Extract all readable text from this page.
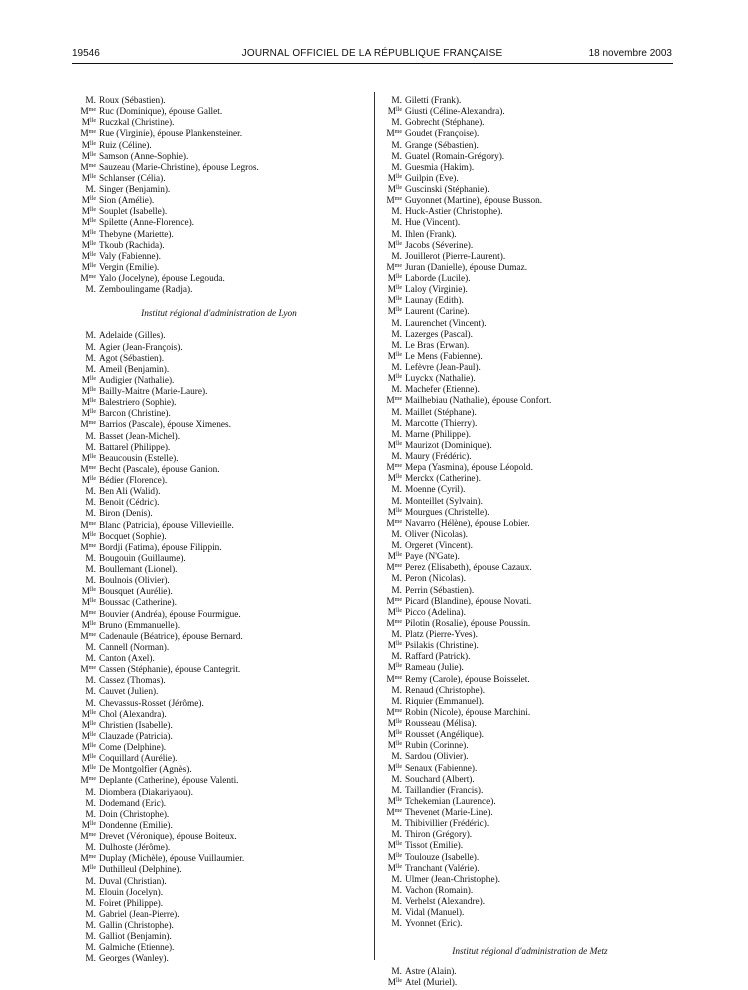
19546	JOURNAL OFFICIEL DE LA RÉPUBLIQUE FRANÇAISE	18 novembre 2003
M. Roux (Sébastien).
$M^{me}$ Ruc (Dominique), épouse Gallet.
$M^{lle}$ Ruczkal (Christine).
$M^{me}$ Rue (Virginie), épouse Plankensteiner.
$M^{lle}$ Ruiz (Céline).
$M^{lle}$ Samson (Anne-Sophie).
$M^{me}$ Sauzeau (Marie-Christine), épouse Legros.
$M^{lle}$ Schlanser (Célia).
M. Singer (Benjamin).
$M^{lle}$ Sion (Amélie).
$M^{lle}$ Souplet (Isabelle).
$M^{lle}$ Spilette (Anne-Florence).
$M^{lle}$ Thebyne (Mariette).
$M^{lle}$ Tkoub (Rachida).
$M^{lle}$ Valy (Fabienne).
$M^{lle}$ Vergin (Emilie).
$M^{me}$ Yalo (Jocelyne), épouse Legouda.
M. Zemboulingame (Radja).
Institut régional d'administration de Lyon
M. Adelaide (Gilles).
M. Agier (Jean-François).
M. Agot (Sébastien).
M. Ameil (Benjamin).
$M^{lle}$ Audigier (Nathalie).
$M^{lle}$ Bailly-Maitre (Marie-Laure).
$M^{lle}$ Balestriero (Sophie).
$M^{lle}$ Barcon (Christine).
$M^{me}$ Barrios (Pascale), épouse Ximenes.
M. Basset (Jean-Michel).
M. Battarel (Philippe).
$M^{lle}$ Beaucousin (Estelle).
$M^{me}$ Becht (Pascale), épouse Ganion.
$M^{lle}$ Bédier (Florence).
M. Ben Ali (Walid).
M. Benoit (Cédric).
M. Biron (Denis).
$M^{me}$ Blanc (Patricia), épouse Villevieille.
$M^{lle}$ Bocquet (Sophie).
$M^{me}$ Bordji (Fatima), épouse Filippin.
M. Bougouin (Guillaume).
M. Boullemant (Lionel).
M. Boulnois (Olivier).
$M^{lle}$ Bousquet (Aurélie).
$M^{lle}$ Boussac (Catherine).
$M^{me}$ Bouvier (Andréa), épouse Fourmigue.
$M^{lle}$ Bruno (Emmanuelle).
$M^{me}$ Cadenaule (Béatrice), épouse Bernard.
M. Cannell (Norman).
M. Canton (Axel).
$M^{me}$ Cassen (Stéphanie), épouse Cantegrit.
M. Cassez (Thomas).
M. Cauvet (Julien).
M. Chevassus-Rosset (Jérôme).
$M^{lle}$ Chol (Alexandra).
$M^{lle}$ Christien (Isabelle).
$M^{lle}$ Clauzade (Patricia).
$M^{lle}$ Come (Delphine).
$M^{lle}$ Coquillard (Aurélie).
$M^{lle}$ De Montgolfier (Agnès).
$M^{me}$ Deplante (Catherine), épouse Valenti.
M. Diombera (Diakariyaou).
M. Dodemand (Eric).
M. Doin (Christophe).
$M^{lle}$ Dondenne (Emilie).
$M^{me}$ Drevet (Véronique), épouse Boiteux.
M. Dulhoste (Jérôme).
$M^{me}$ Duplay (Michèle), épouse Vuillaumier.
$M^{lle}$ Duthilleul (Delphine).
M. Duval (Christian).
M. Elouin (Jocelyn).
M. Foiret (Philippe).
M. Gabriel (Jean-Pierre).
M. Gallin (Christophe).
M. Galliot (Benjamin).
M. Galmiche (Etienne).
M. Georges (Wanley).
M. Giletti (Frank).
$M^{lle}$ Giusti (Céline-Alexandra).
M. Gobrecht (Stéphane).
$M^{me}$ Goudet (Françoise).
M. Grange (Sébastien).
M. Guatel (Romain-Grégory).
M. Guesmia (Hakim).
$M^{lle}$ Guilpin (Eve).
$M^{lle}$ Guscinski (Stéphanie).
$M^{me}$ Guyonnet (Martine), épouse Busson.
M. Huck-Astier (Christophe).
M. Hue (Vincent).
M. Ihlen (Frank).
$M^{lle}$ Jacobs (Séverine).
M. Jouillerot (Pierre-Laurent).
$M^{me}$ Juran (Danielle), épouse Dumaz.
$M^{lle}$ Laborde (Lucile).
$M^{lle}$ Laloy (Virginie).
$M^{lle}$ Launay (Edith).
$M^{lle}$ Laurent (Carine).
M. Laurenchet (Vincent).
M. Lazerges (Pascal).
M. Le Bras (Erwan).
$M^{lle}$ Le Mens (Fabienne).
M. Lefèvre (Jean-Paul).
$M^{lle}$ Luyckx (Nathalie).
M. Machefer (Etienne).
$M^{me}$ Mailhebiau (Nathalie), épouse Confort.
M. Maillet (Stéphane).
M. Marcotte (Thierry).
M. Marne (Philippe).
$M^{lle}$ Maurizot (Dominique).
M. Maury (Frédéric).
$M^{me}$ Mepa (Yasmina), épouse Léopold.
$M^{lle}$ Merckx (Catherine).
M. Moenne (Cyril).
M. Monteillet (Sylvain).
$M^{lle}$ Mourgues (Christelle).
$M^{me}$ Navarro (Hélène), épouse Lobier.
M. Oliver (Nicolas).
M. Orgeret (Vincent).
$M^{lle}$ Paye (N'Gate).
$M^{me}$ Perez (Elisabeth), épouse Cazaux.
M. Peron (Nicolas).
M. Perrin (Sébastien).
$M^{me}$ Picard (Blandine), épouse Novati.
$M^{lle}$ Picco (Adelina).
$M^{me}$ Pilotin (Rosalie), épouse Poussin.
M. Platz (Pierre-Yves).
$M^{lle}$ Psilakis (Christine).
M. Raffard (Patrick).
$M^{lle}$ Rameau (Julie).
$M^{me}$ Remy (Carole), épouse Boisselet.
M. Renaud (Christophe).
M. Riquier (Emmanuel).
$M^{me}$ Robin (Nicole), épouse Marchini.
$M^{lle}$ Rousseau (Mélisa).
$M^{lle}$ Rousset (Angélique).
$M^{lle}$ Rubin (Corinne).
M. Sardou (Olivier).
$M^{lle}$ Senaux (Fabienne).
M. Souchard (Albert).
M. Taillandier (Francis).
$M^{lle}$ Tchekemian (Laurence).
$M^{me}$ Thevenet (Marie-Line).
M. Thibivillier (Frédéric).
M. Thiron (Grégory).
$M^{lle}$ Tissot (Emilie).
$M^{lle}$ Toulouze (Isabelle).
$M^{lle}$ Tranchant (Valérie).
M. Ulmer (Jean-Christophe).
M. Vachon (Romain).
M. Verhelst (Alexandre).
M. Vidal (Manuel).
M. Yvonnet (Eric).
Institut régional d'administration de Metz
M. Astre (Alain).
$M^{lle}$ Atel (Muriel).
